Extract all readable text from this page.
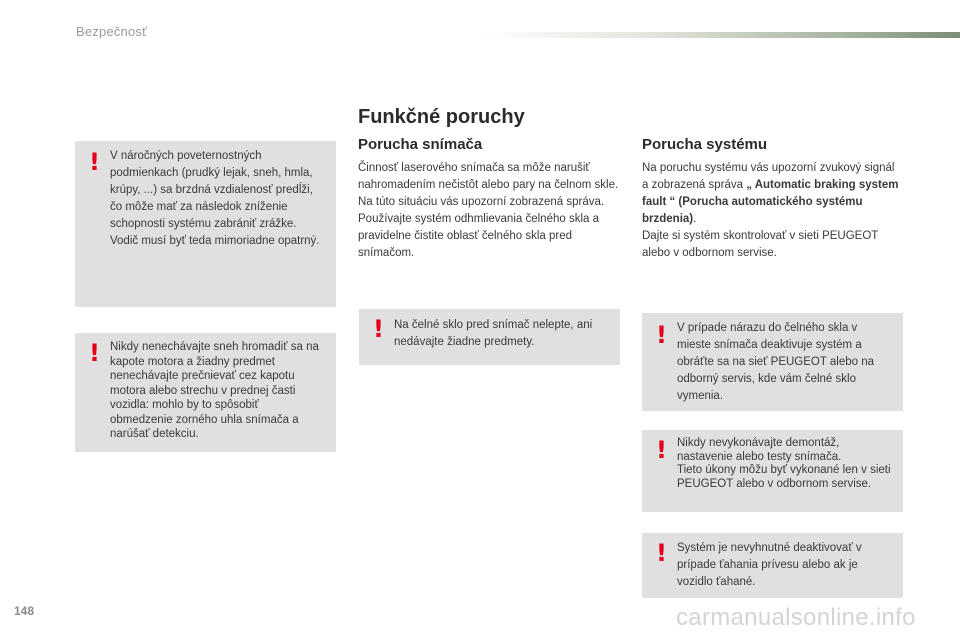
Bezpečnosť
Funkčné poruchy
! V náročných poveternostných podmienkach (prudký lejak, sneh, hmla, krúpy, ...) sa brzdná vzdialenosť predĺži, čo môže mať za následok zníženie schopnosti systému zabrániť zrážke.
Vodič musí byť teda mimoriadne opatrný.
! Nikdy nenechávajte sneh hromadiť sa na kapote motora a žiadny predmet nenechávajte prečnievať cez kapotu motora alebo strechu v prednej časti vozidla: mohlo by to spôsobiť obmedzenie zorného uhla snímača a narúšať detekciu.
Porucha snímača

Činnosť laserového snímača sa môže narušiť nahromadením nečistôt alebo pary na čelnom skle. Na túto situáciu vás upozorní zobrazená správa.

Používajte systém odhmlievania čelného skla a pravidelne čistite oblasť čelného skla pred snímačom.

! Na čelné sklo pred snímač nelepte, ani nedávajte žiadne predmety.
Porucha systému
Na poruchu systému vás upozorní zvukový signál a zobrazená správa „ Automatic braking system fault “ (Porucha automatického systému brzdenia).
Dajte si systém skontrolovať v sieti PEUGEOT alebo v odbornom servise.
! V prípade nárazu do čelného skla v mieste snímača deaktivuje systém a obráťte sa na sieť PEUGEOT alebo na odborný servis, kde vám čelné sklo vymenia.
! Nikdy nevykonávajte demontáž, nastavenie alebo testy snímača.
Tieto úkony môžu byť vykonané len v sieti PEUGEOT alebo v odbornom servise.
! Systém je nevyhnutné deaktivovať v prípade ťahania prívesu alebo ak je vozidlo ťahané.
148	carmanualsonline.info
